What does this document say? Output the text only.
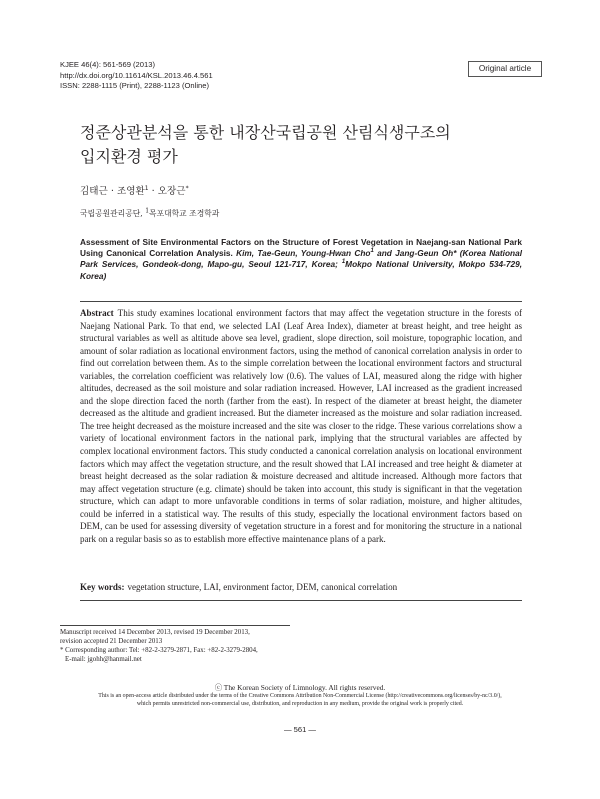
KJEE 46(4): 561-569 (2013)
http://dx.doi.org/10.11614/KSL.2013.46.4.561
ISSN: 2288-1115 (Print), 2288-1123 (Online)
Original article
정준상관분석을 통한 내장산국립공원 산림식생구조의
입지환경 평가
김태근 · 조영환$^1$ · 오장근*
국립공원관리공단, $^1$목포대학교 조경학과
Assessment of Site Environmental Factors on the Structure of Forest Vegetation in Naejang-san National Park Using Canonical Correlation Analysis. Kim, Tae-Geun, Young-Hwan Cho$^1$ and Jang-Geun Oh* (Korea National Park Services, Gondeok-dong, Mapo-gu, Seoul 121-717, Korea; $^1$Mokpo National University, Mokpo 534-729, Korea)
Abstract This study examines locational environment factors that may affect the vegetation structure in the forests of Naejang National Park. To that end, we selected LAI (Leaf Area Index), diameter at breast height, and tree height as structural variables as well as altitude above sea level, gradient, slope direction, soil moisture, topographic location, and amount of solar radiation as locational environment factors, using the method of canonical correlation analysis in order to find out correlation between them. As to the simple correlation between the locational environment factors and structural variables, the correlation coefficient was relatively low (0.6). The values of LAI, measured along the ridge with higher altitudes, decreased as the soil moisture and solar radiation increased. However, LAI increased as the gradient increased and the slope direction faced the north (farther from the east). In respect of the diameter at breast height, the diameter decreased as the altitude and gradient increased. But the diameter increased as the moisture and solar radiation increased. The tree height decreased as the moisture increased and the site was closer to the ridge. These various correlations show a variety of locational environment factors in the national park, implying that the structural variables are affected by complex locational environment factors. This study conducted a canonical correlation analysis on locational environment factors which may affect the vegetation structure, and the result showed that LAI increased and tree height & diameter at breast height decreased as the solar radiation & moisture decreased and altitude increased. Although more factors that may affect vegetation structure (e.g. climate) should be taken into account, this study is significant in that the vegetation structure, which can adapt to more unfavorable conditions in terms of solar radiation, moisture, and higher altitudes, could be inferred in a statistical way. The results of this study, especially the locational environment factors based on DEM, can be used for assessing diversity of vegetation structure in a forest and for monitoring the structure in a national park on a regular basis so as to establish more effective maintenance plans of a park.
Key words: vegetation structure, LAI, environment factor, DEM, canonical correlation
Manuscript received 14 December 2013, revised 19 December 2013,
revision accepted 21 December 2013
* Corresponding author: Tel: +82-2-3279-2871, Fax: +82-2-3279-2804,
E-mail: jgohh@hanmail.net
ⓒ The Korean Society of Limnology. All rights reserved.
This is an open-access article distributed under the terms of the Creative Commons Attribution Non-Commercial License (http://creativecommons.org/licenses/by-nc/3.0/),
which permits unrestricted non-commercial use, distribution, and reproduction in any medium, provide the original work is properly cited.
— 561 —
